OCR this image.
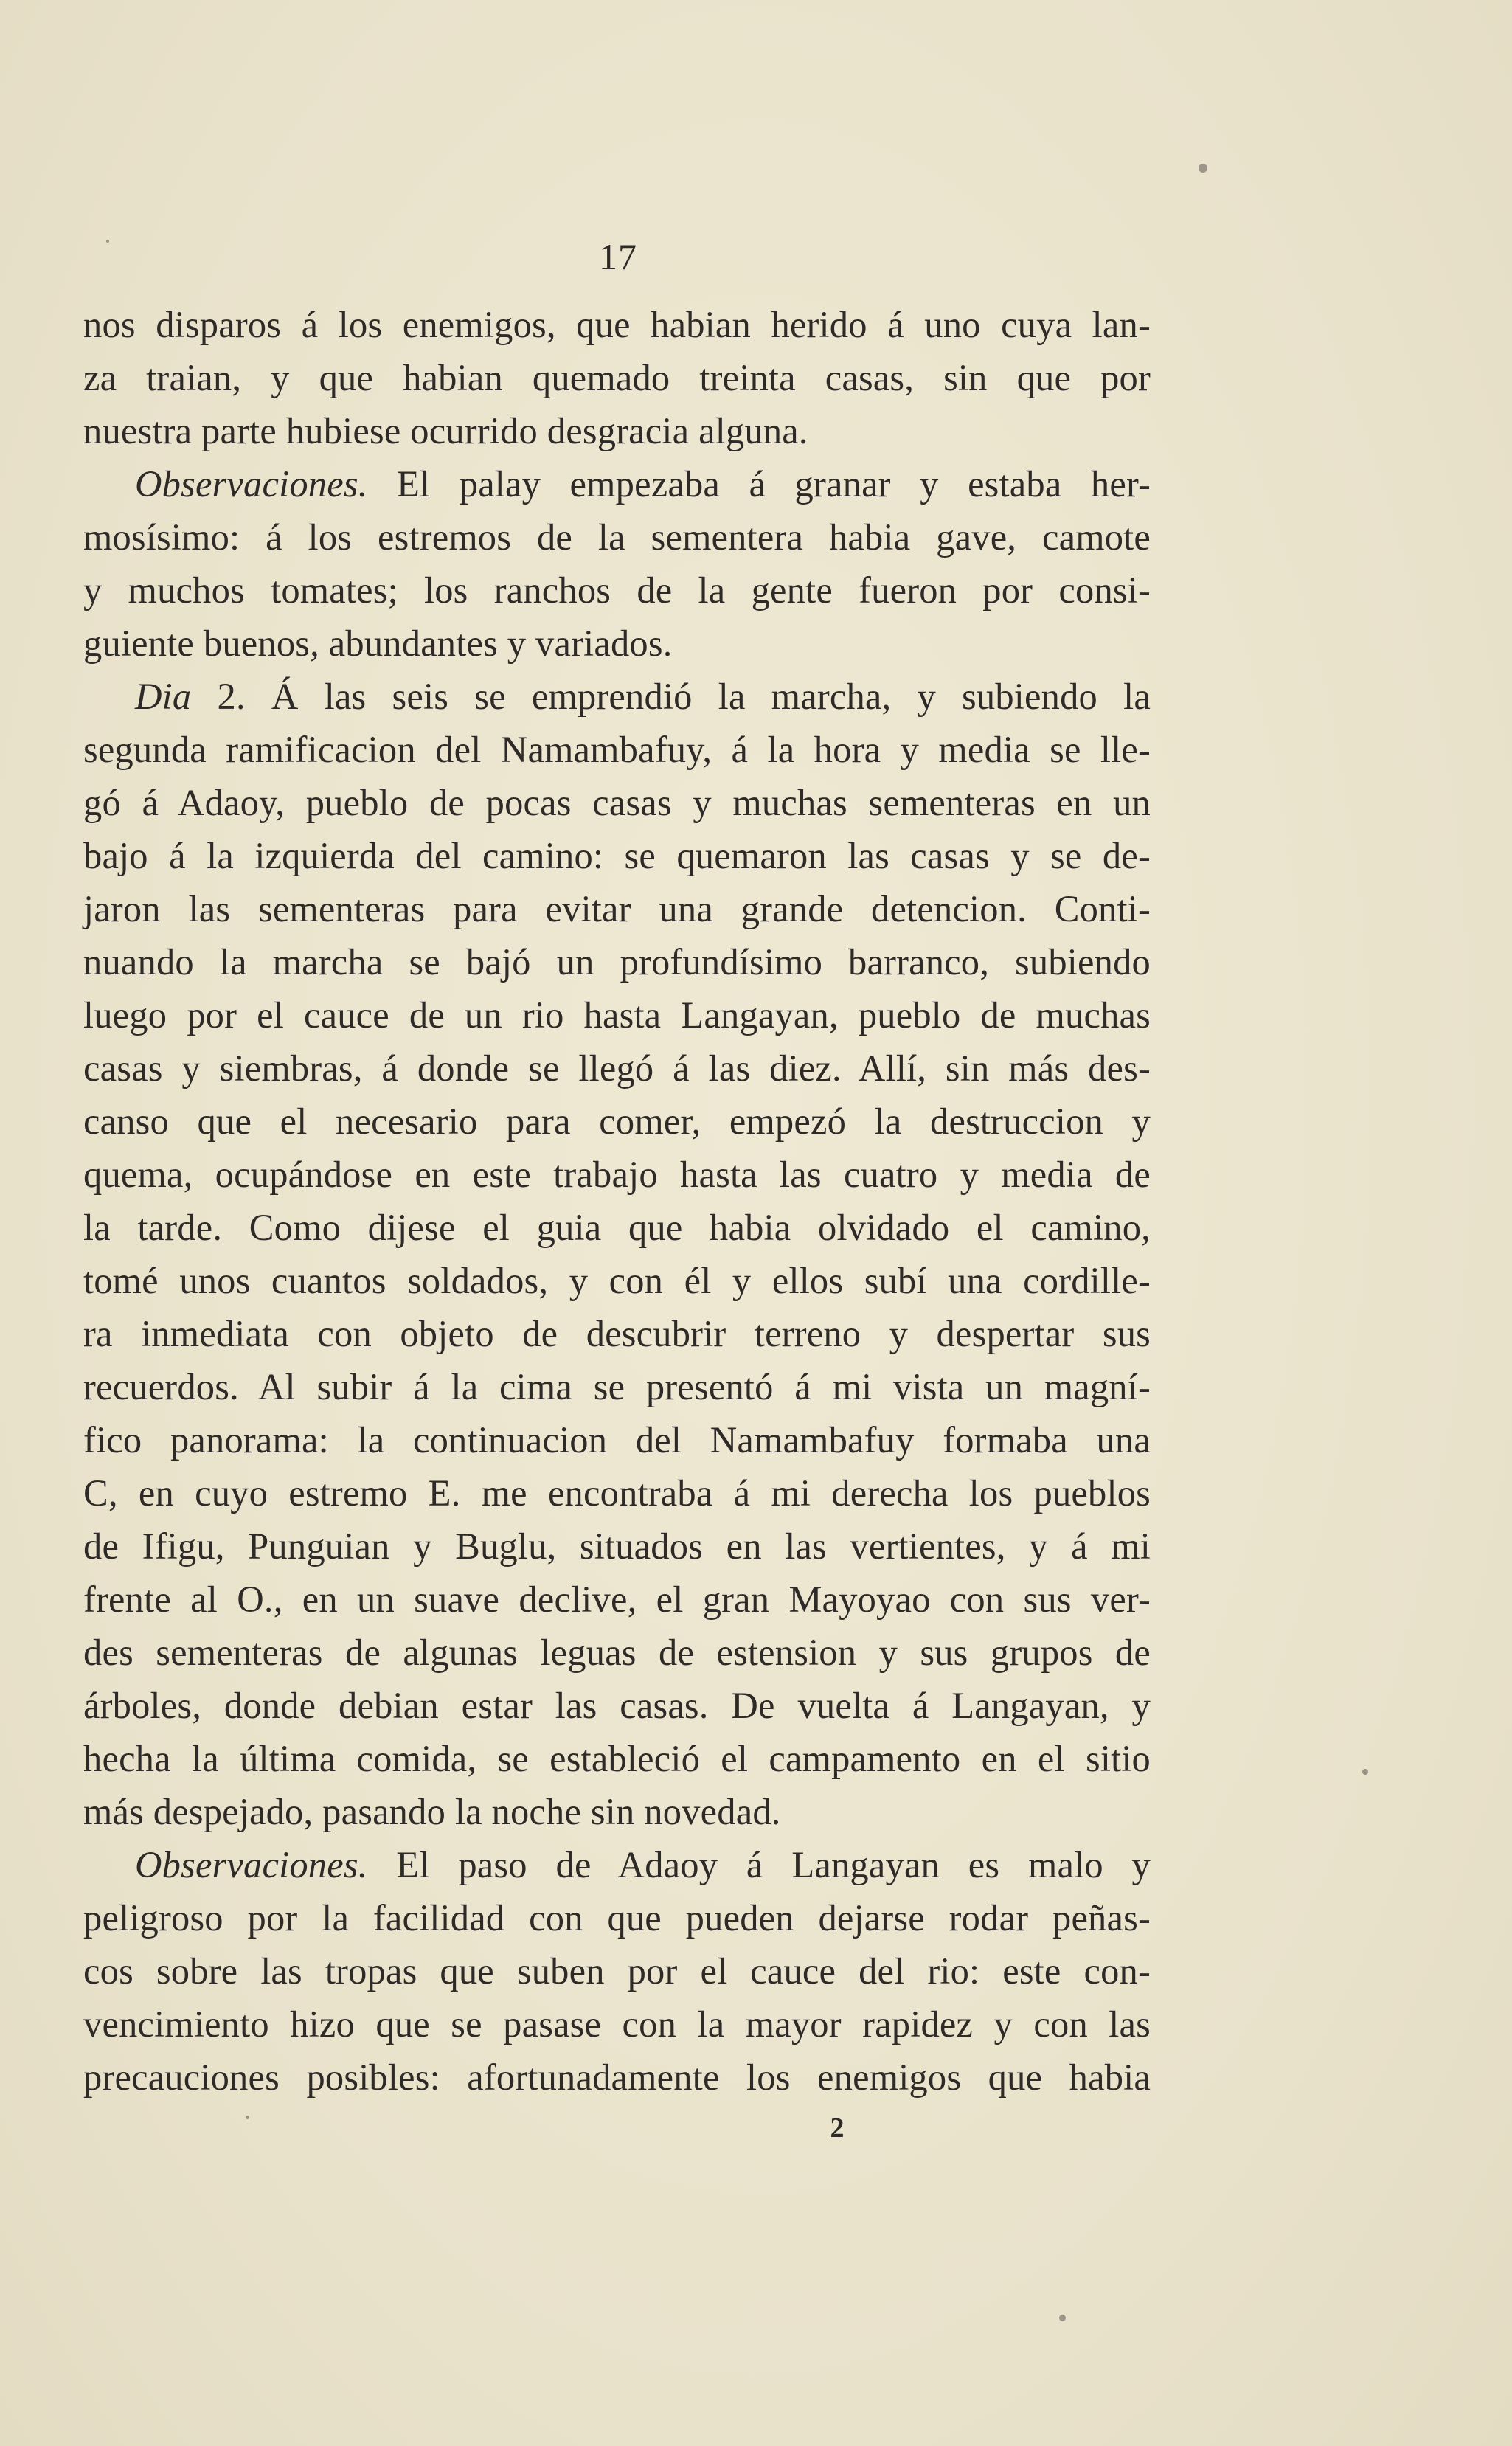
17
nos disparos á los enemigos, que habian herido á uno cuya lan-
za traian, y que habian quemado treinta casas, sin que por
nuestra parte hubiese ocurrido desgracia alguna.
Observaciones. El palay empezaba á granar y estaba her-
mosísimo: á los estremos de la sementera habia gave, camote
y muchos tomates; los ranchos de la gente fueron por consi-
guiente buenos, abundantes y variados.
Dia 2. Á las seis se emprendió la marcha, y subiendo la
segunda ramificacion del Namambafuy, á la hora y media se lle-
gó á Adaoy, pueblo de pocas casas y muchas sementeras en un
bajo á la izquierda del camino: se quemaron las casas y se de-
jaron las sementeras para evitar una grande detencion. Conti-
nuando la marcha se bajó un profundísimo barranco, subiendo
luego por el cauce de un rio hasta Langayan, pueblo de muchas
casas y siembras, á donde se llegó á las diez. Allí, sin más des-
canso que el necesario para comer, empezó la destruccion y
quema, ocupándose en este trabajo hasta las cuatro y media de
la tarde. Como dijese el guia que habia olvidado el camino,
tomé unos cuantos soldados, y con él y ellos subí una cordille-
ra inmediata con objeto de descubrir terreno y despertar sus
recuerdos. Al subir á la cima se presentó á mi vista un magní-
fico panorama: la continuacion del Namambafuy formaba una
C, en cuyo estremo E. me encontraba á mi derecha los pueblos
de Ifigu, Punguian y Buglu, situados en las vertientes, y á mi
frente al O., en un suave declive, el gran Mayoyao con sus ver-
des sementeras de algunas leguas de estension y sus grupos de
árboles, donde debian estar las casas. De vuelta á Langayan, y
hecha la última comida, se estableció el campamento en el sitio
más despejado, pasando la noche sin novedad.
Observaciones. El paso de Adaoy á Langayan es malo y
peligroso por la facilidad con que pueden dejarse rodar peñas-
cos sobre las tropas que suben por el cauce del rio: este con-
vencimiento hizo que se pasase con la mayor rapidez y con las
precauciones posibles: afortunadamente los enemigos que habia
2
